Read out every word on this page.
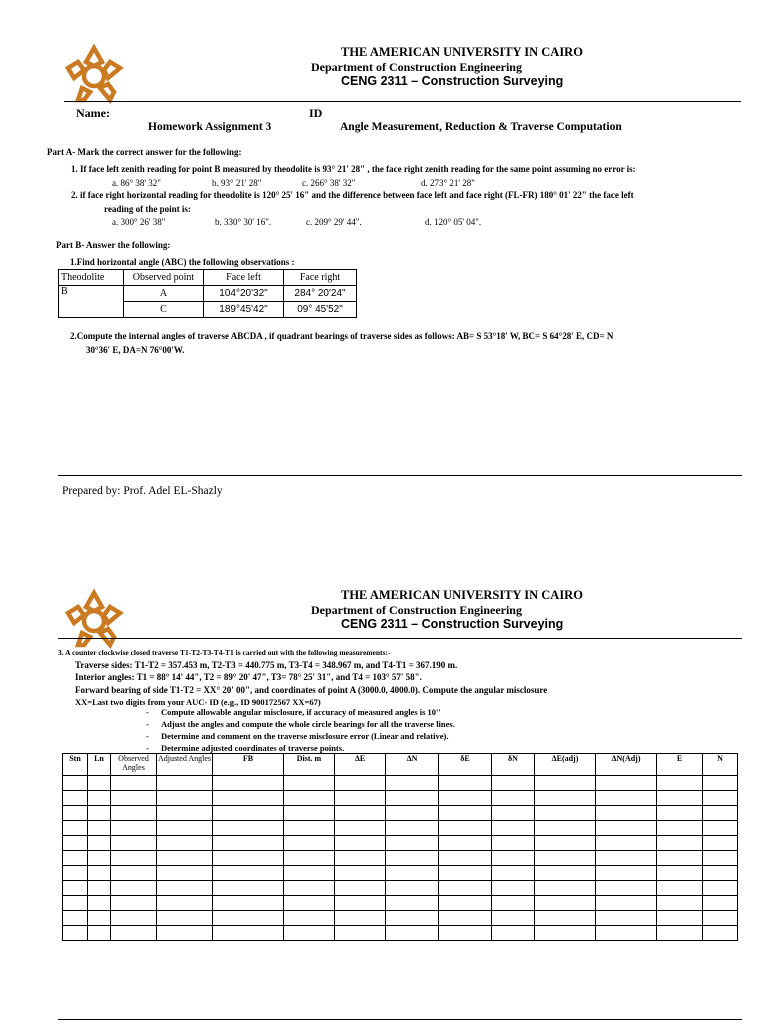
THE AMERICAN UNIVERSITY IN CAIRO
Department of Construction Engineering
CENG 2311 – Construction Surveying
Name:	ID
Homework Assignment 3	Angle Measurement, Reduction & Traverse Computation
Part A- Mark the correct answer for the following:
1. If face left zenith reading for point B measured by theodolite is 93° 21' 28" , the face right zenith reading for the same point assuming no error is:
a. 86° 38' 32"	b. 93° 21' 28"	c. 266° 38' 32"	d. 273° 21' 28"
2. if face right horizontal reading for theodolite is 120° 25' 16" and the difference between face left and face right (FL-FR) 180° 01' 22" the face left
reading of the point is:
a. 300° 26' 38"	b. 330° 30' 16".	c. 209° 29' 44".	d. 120° 05' 04".
Part B- Answer the following:
1.Find horizontal angle (ABC) the following observations :
Theodolite	Observed point	Face left	Face right
B	A	104°20'32"	284° 20'24"
	C	189°45'42"	09° 45'52"
2.Compute the internal angles of traverse ABCDA , if quadrant bearings of traverse sides as follows: AB= S 53°18′ W, BC= S 64°28′ E, CD= N
30°36′ E, DA=N 76°00′W.
Prepared by: Prof. Adel EL-Shazly
THE AMERICAN UNIVERSITY IN CAIRO
Department of Construction Engineering
CENG 2311 – Construction Surveying
3. A counter clockwise closed traverse T1-T2-T3-T4-T1 is carried out with the following measurements:-
Traverse sides: T1-T2 = 357.453 m, T2-T3 = 440.775 m, T3-T4 = 348.967 m, and T4-T1 = 367.190 m.
Interior angles: T1 = 88° 14' 44", T2 = 89° 20' 47", T3= 78° 25' 31", and T4 = 103° 57' 58".
Forward bearing of side T1-T2 = XX° 20' 00", and coordinates of point A (3000.0, 4000.0). Compute the angular misclosure
XX=Last two digits from your AUC- ID (e.g., ID 900172567 XX=67)
- Compute allowable angular misclosure, if accuracy of measured angles is 10''
- Adjust the angles and compute the whole circle bearings for all the traverse lines.
- Determine and comment on the traverse misclosure error (Linear and relative).
- Determine adjusted coordinates of traverse points.
Stn	Ln	Observed Angles	Adjusted Angles	FB	Dist. m	ΔE	ΔN	δE	δN	ΔE(adj)	ΔN(Adj)	E	N
